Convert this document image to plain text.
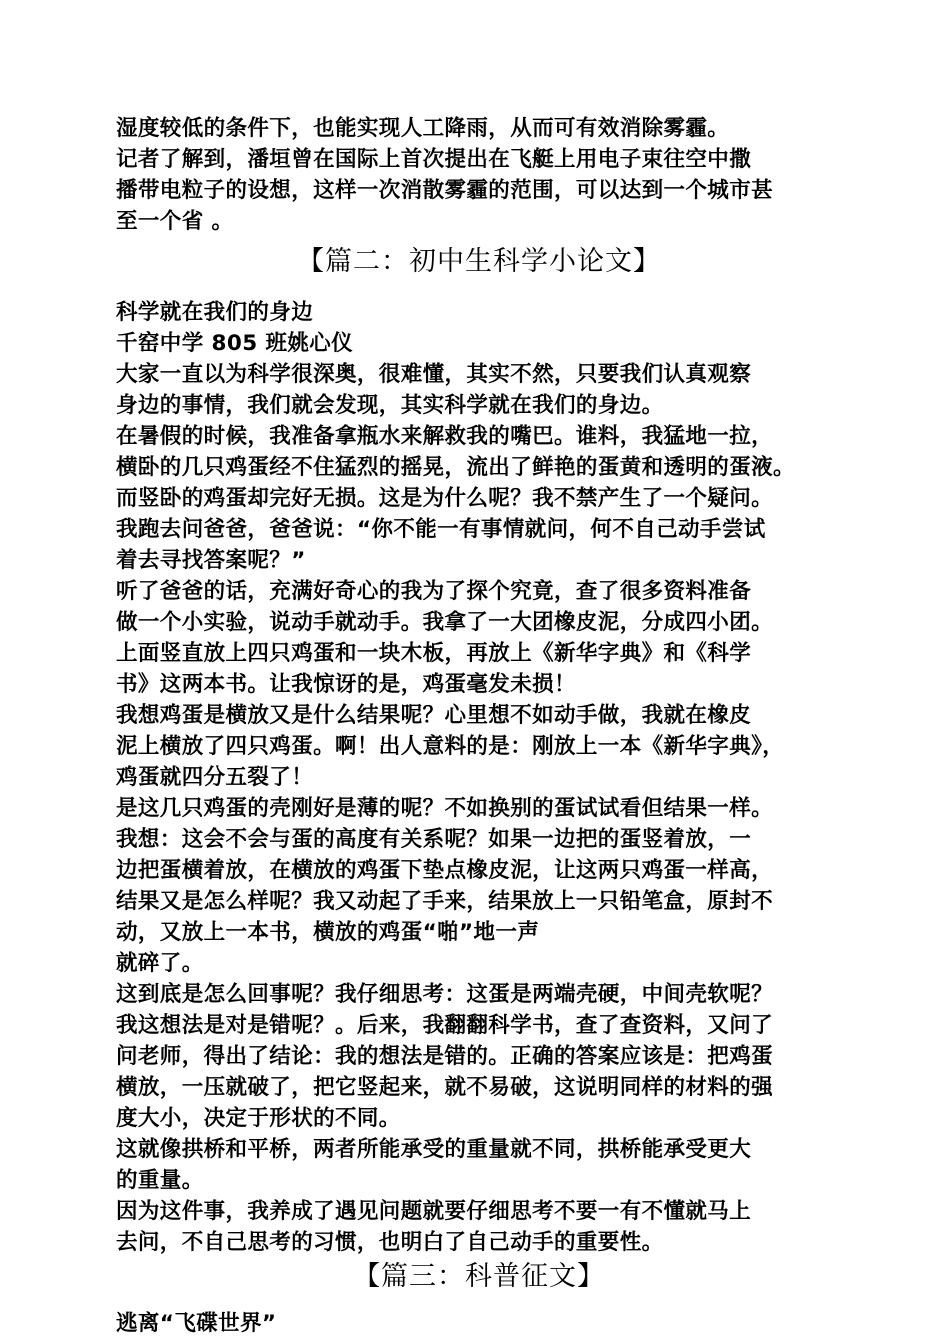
湿度较低的条件下，也能实现人工降雨，从而可有效消除雾霾。
记者了解到，潘垣曾在国际上首次提出在飞艇上用电子束往空中撒
播带电粒子的设想，这样一次消散雾霾的范围，可以达到一个城市甚
至一个省 。
【篇二：初中生科学小论文】
科学就在我们的身边
千窑中学 805 班姚心仪
大家一直以为科学很深奥，很难懂，其实不然，只要我们认真观察
身边的事情，我们就会发现，其实科学就在我们的身边。
在暑假的时候，我准备拿瓶水来解救我的嘴巴。谁料，我猛地一拉，
横卧的几只鸡蛋经不住猛烈的摇晃，流出了鲜艳的蛋黄和透明的蛋液。
而竖卧的鸡蛋却完好无损。这是为什么呢？我不禁产生了一个疑问。
我跑去问爸爸，爸爸说：“你不能一有事情就问，何不自己动手尝试
着去寻找答案呢？”
听了爸爸的话，充满好奇心的我为了探个究竟，查了很多资料准备
做一个小实验，说动手就动手。我拿了一大团橡皮泥，分成四小团。
上面竖直放上四只鸡蛋和一块木板，再放上《新华字典》和《科学
书》这两本书。让我惊讶的是，鸡蛋毫发未损！
我想鸡蛋是横放又是什么结果呢？心里想不如动手做，我就在橡皮
泥上横放了四只鸡蛋。啊！出人意料的是：刚放上一本《新华字典》，
鸡蛋就四分五裂了！
是这几只鸡蛋的壳刚好是薄的呢？不如换别的蛋试试看但结果一样。
我想：这会不会与蛋的高度有关系呢？如果一边把的蛋竖着放，一
边把蛋横着放，在横放的鸡蛋下垫点橡皮泥，让这两只鸡蛋一样高，
结果又是怎么样呢？我又动起了手来，结果放上一只铅笔盒，原封不
动，又放上一本书，横放的鸡蛋“啪”地一声
就碎了。
这到底是怎么回事呢？我仔细思考：这蛋是两端壳硬，中间壳软呢？
我这想法是对是错呢？。后来，我翻翻科学书，查了查资料，又问了
问老师，得出了结论：我的想法是错的。正确的答案应该是：把鸡蛋
横放，一压就破了，把它竖起来，就不易破，这说明同样的材料的强
度大小，决定于形状的不同。
这就像拱桥和平桥，两者所能承受的重量就不同，拱桥能承受更大
的重量。
因为这件事，我养成了遇见问题就要仔细思考不要一有不懂就马上
去问，不自己思考的习惯，也明白了自己动手的重要性。
【篇三：科普征文】
逃离“飞碟世界”
